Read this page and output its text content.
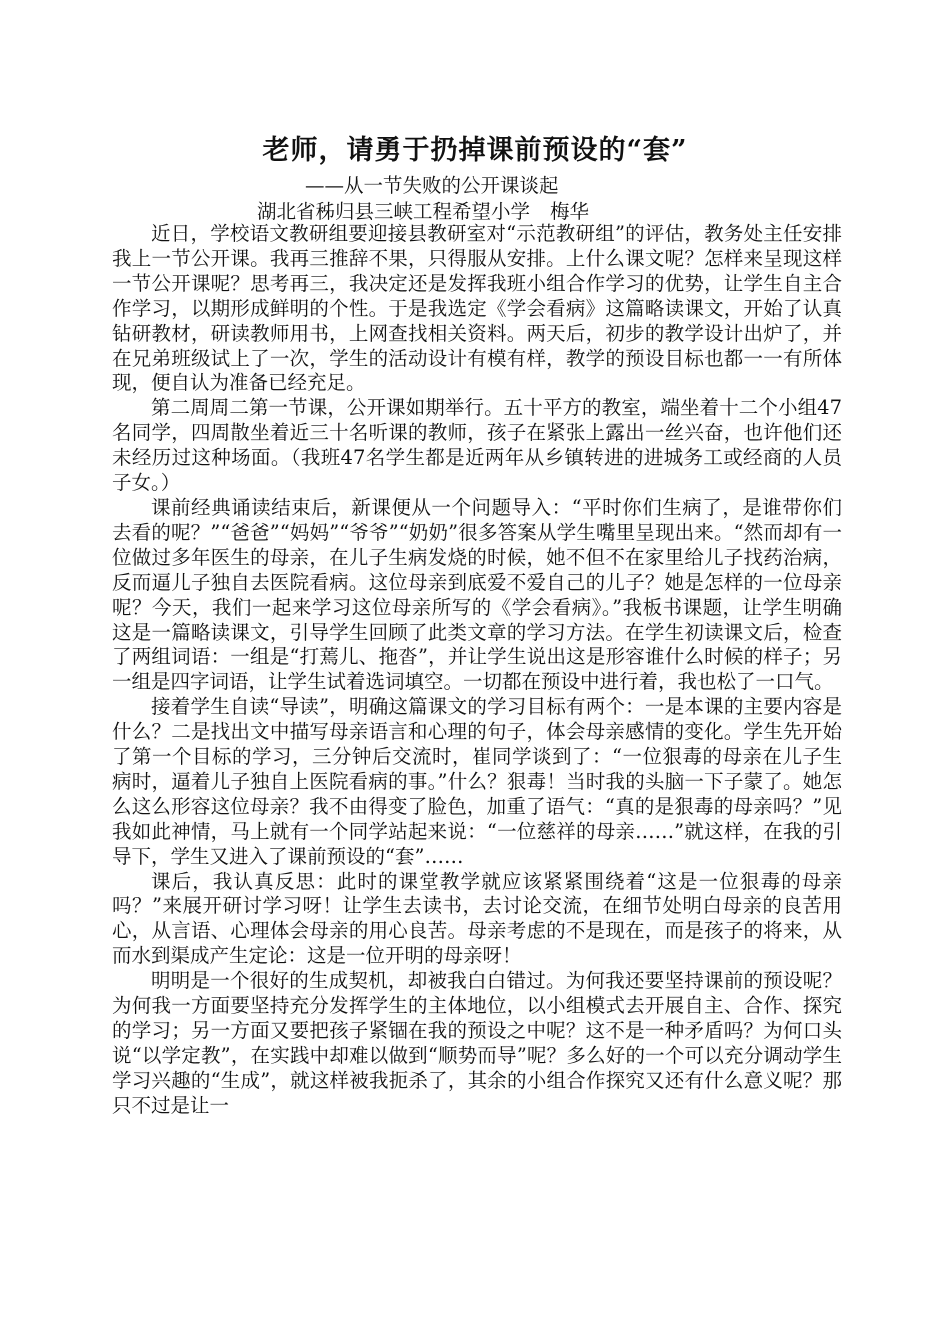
老师，请勇于扔掉课前预设的“套”
——从一节失败的公开课谈起
湖北省秭归县三峡工程希望小学 梅华

近日，学校语文教研组要迎接县教研室对“示范教研组”的评估，教务处主任安排我上一节公开课。我再三推辞不果，只得服从安排。上什么课文呢？怎样来呈现这样一节公开课呢？思考再三，我决定还是发挥我班小组合作学习的优势，让学生自主合作学习，以期形成鲜明的个性。于是我选定《学会看病》这篇略读课文，开始了认真钻研教材，研读教师用书，上网查找相关资料。两天后，初步的教学设计出炉了，并在兄弟班级试上了一次，学生的活动设计有模有样，教学的预设目标也都一一有所体现，便自认为准备已经充足。

第二周周二第一节课，公开课如期举行。五十平方的教室，端坐着十二个小组47名同学，四周散坐着近三十名听课的教师，孩子在紧张上露出一丝兴奋，也许他们还未经历过这种场面。（我班47名学生都是近两年从乡镇转进的进城务工或经商的人员子女。）

课前经典诵读结束后，新课便从一个问题导入：“平时你们生病了，是谁带你们去看的呢？”“爸爸”“妈妈”“爷爷”“奶奶”很多答案从学生嘴里呈现出来。“然而却有一位做过多年医生的母亲，在儿子生病发烧的时候，她不但不在家里给儿子找药治病，反而逼儿子独自去医院看病。这位母亲到底爱不爱自己的儿子？她是怎样的一位母亲呢？今天，我们一起来学习这位母亲所写的《学会看病》。”我板书课题，让学生明确这是一篇略读课文，引导学生回顾了此类文章的学习方法。在学生初读课文后，检查了两组词语：一组是“打蔫儿、拖沓”，并让学生说出这是形容谁什么时候的样子；另一组是四字词语，让学生试着选词填空。一切都在预设中进行着，我也松了一口气。

接着学生自读“导读”，明确这篇课文的学习目标有两个：一是本课的主要内容是什么？二是找出文中描写母亲语言和心理的句子，体会母亲感情的变化。学生先开始了第一个目标的学习，三分钟后交流时，崔同学谈到了：“一位狠毒的母亲在儿子生病时，逼着儿子独自上医院看病的事。”什么？狠毒！当时我的头脑一下子蒙了。她怎么这么形容这位母亲？我不由得变了脸色，加重了语气：“真的是狠毒的母亲吗？”见我如此神情，马上就有一个同学站起来说：“一位慈祥的母亲……”就这样，在我的引导下，学生又进入了课前预设的“套”……

课后，我认真反思：此时的课堂教学就应该紧紧围绕着“这是一位狠毒的母亲吗？”来展开研讨学习呀！让学生去读书，去讨论交流，在细节处明白母亲的良苦用心，从言语、心理体会母亲的用心良苦。母亲考虑的不是现在，而是孩子的将来，从而水到渠成产生定论：这是一位开明的母亲呀！

明明是一个很好的生成契机，却被我白白错过。为何我还要坚持课前的预设呢？为何我一方面要坚持充分发挥学生的主体地位，以小组模式去开展自主、合作、探究的学习；另一方面又要把孩子紧锢在我的预设之中呢？这不是一种矛盾吗？为何口头说“以学定教”，在实践中却难以做到“顺势而导”呢？多么好的一个可以充分调动学生学习兴趣的“生成”，就这样被我扼杀了，其余的小组合作探究又还有什么意义呢？那只不过是让一
